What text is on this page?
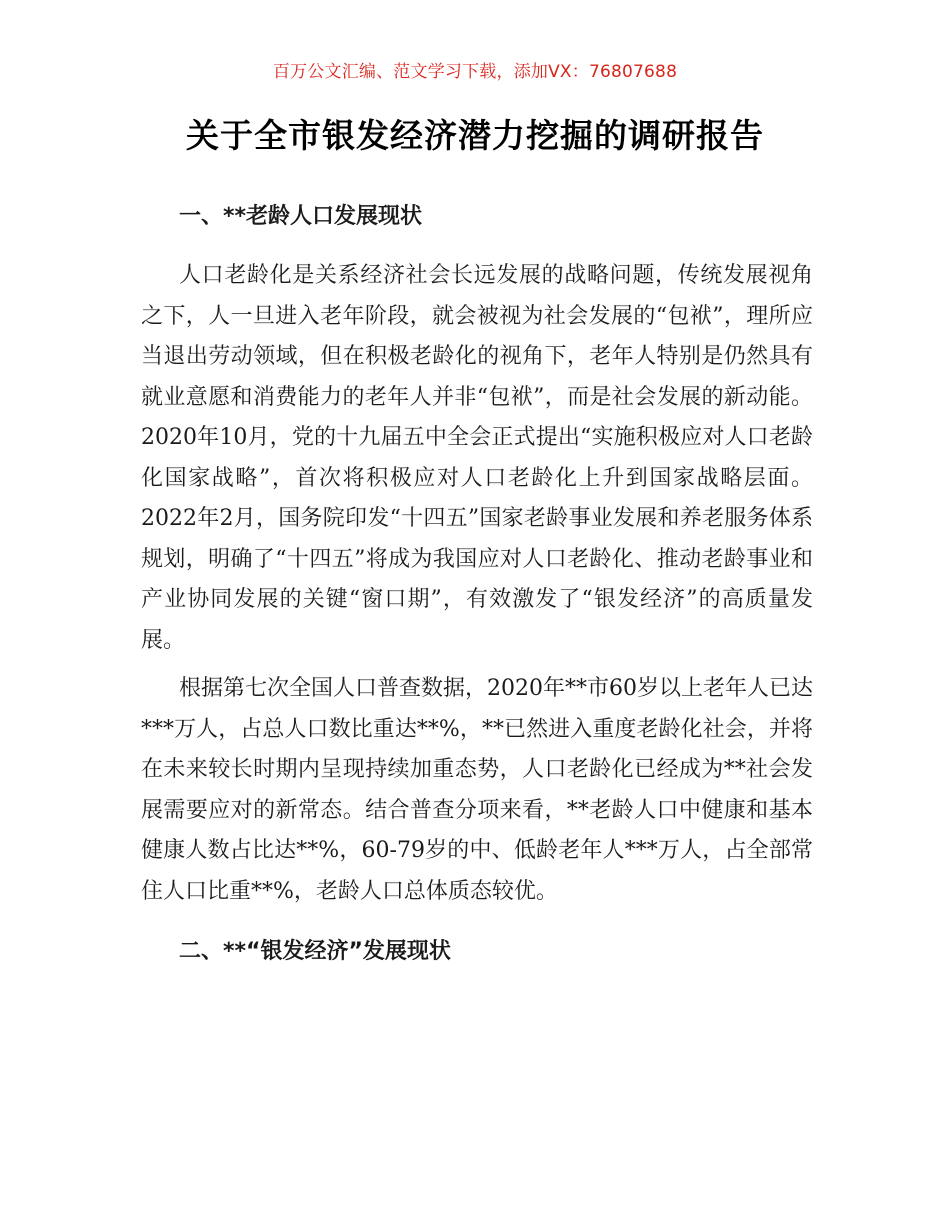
百万公文汇编、范文学习下载，添加VX：76807688
关于全市银发经济潜力挖掘的调研报告
一、**老龄人口发展现状

人口老龄化是关系经济社会长远发展的战略问题，传统发展视角之下，人一旦进入老年阶段，就会被视为社会发展的“包袱”，理所应当退出劳动领域，但在积极老龄化的视角下，老年人特别是仍然具有就业意愿和消费能力的老年人并非“包袱”，而是社会发展的新动能。2020年10月，党的十九届五中全会正式提出“实施积极应对人口老龄化国家战略”，首次将积极应对人口老龄化上升到国家战略层面。2022年2月，国务院印发“十四五”国家老龄事业发展和养老服务体系规划，明确了“十四五”将成为我国应对人口老龄化、推动老龄事业和产业协同发展的关键“窗口期”，有效激发了“银发经济”的高质量发展。

根据第七次全国人口普查数据，2020年**市60岁以上老年人已达***万人，占总人口数比重达**%，**已然进入重度老龄化社会，并将在未来较长时期内呈现持续加重态势，人口老龄化已经成为**社会发展需要应对的新常态。结合普查分项来看，**老龄人口中健康和基本健康人数占比达**%，60-79岁的中、低龄老年人***万人，占全部常住人口比重**%，老龄人口总体质态较优。

二、**“银发经济”发展现状
